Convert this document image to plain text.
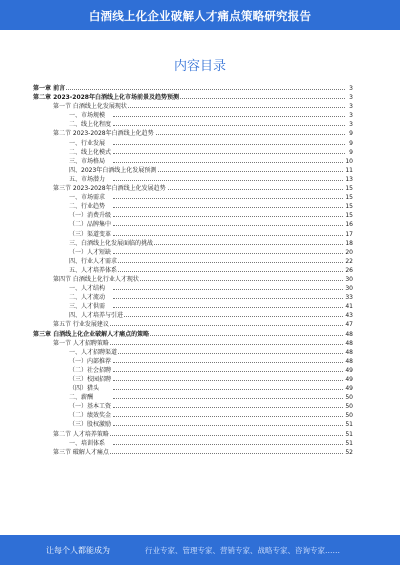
白酒线上化企业破解人才痛点策略研究报告
内容目录
第一章 前言	3
第二章 2023-2028年白酒线上化市场前景及趋势预测	3
第一节 白酒线上化发展现状	3
一、市场规模	3
二、线上化程度	3
第二节 2023-2028年白酒线上化趋势	9
一、行业发展	9
二、线上化模式	9
三、市场格局	10
四、2023年白酒线上化发展预测	11
五、市场潜力	13
第三节 2023-2028年白酒线上化发展趋势	15
一、市场需求	15
二、行业趋势	15
（一）消费升级	15
（二）品牌集中	16
（三）渠道变革	17
三、白酒线上化发展面临的挑战	18
（一）人才短缺	20
四、行业人才需求	22
五、人才培养体系	26
第四节 白酒线上化行业人才现状	30
一、人才结构	30
二、人才流动	33
三、人才供需	41
四、人才培养与引进	43
第五节 行业发展建议	47
第三章 白酒线上化企业破解人才痛点的策略	48
第一节 人才招聘策略	48
一、人才招聘渠道	48
（一）内部推荐	48
（二）社会招聘	49
（三）校园招聘	49
（四）猎头	49
二、薪酬	50
（一）基本工资	50
（二）绩效奖金	50
（三）股权激励	51
第二节 人才培养策略	51
一、培训体系	51
第三节 破解人才痛点	52
让每个人都能成为	行业专家、管理专家、营销专家、战略专家、咨询专家……
